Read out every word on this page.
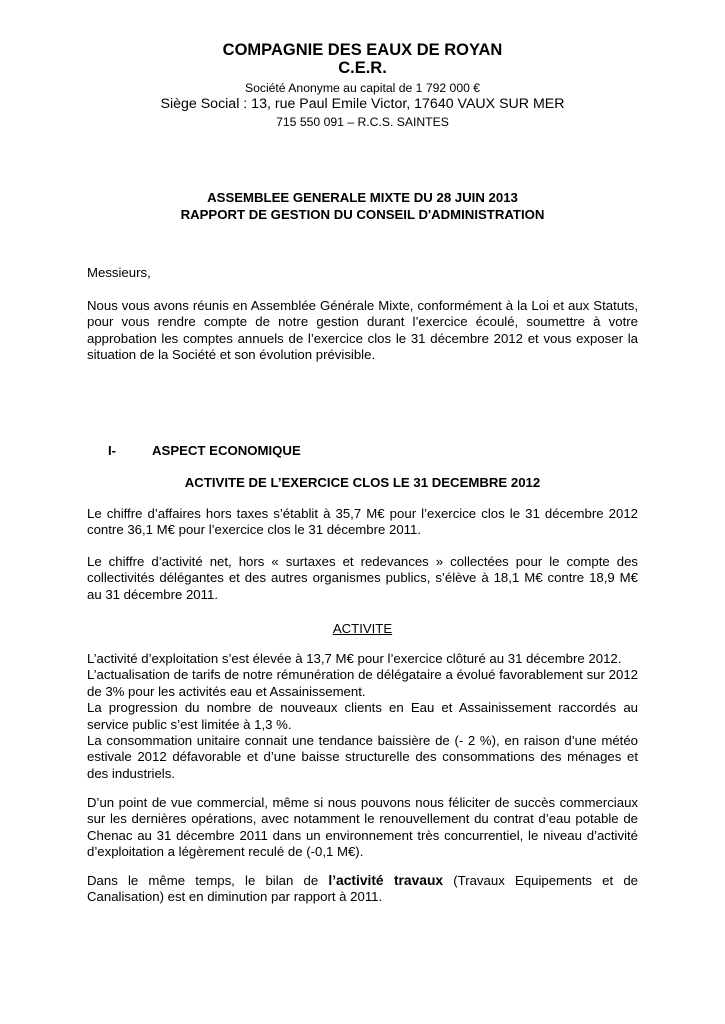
COMPAGNIE DES EAUX DE ROYAN
C.E.R.
Société Anonyme au capital de 1 792 000 €
Siège Social : 13, rue Paul Emile Victor, 17640 VAUX SUR MER
715 550 091 – R.C.S. SAINTES
ASSEMBLEE GENERALE MIXTE DU 28 JUIN 2013
RAPPORT DE GESTION DU CONSEIL D'ADMINISTRATION

Messieurs,

Nous vous avons réunis en Assemblée Générale Mixte, conformément à la Loi et aux Statuts, pour vous rendre compte de notre gestion durant l’exercice écoulé, soumettre à votre approbation les comptes annuels de l’exercice clos le 31 décembre 2012 et vous exposer la situation de la Société et son évolution prévisible.

I-	ASPECT ECONOMIQUE
ACTIVITE DE L’EXERCICE CLOS LE 31 DECEMBRE 2012

Le chiffre d’affaires hors taxes s’établit à 35,7 M€ pour l’exercice clos le 31 décembre 2012 contre 36,1 M€ pour l’exercice clos le 31 décembre 2011.

Le chiffre d’activité net, hors « surtaxes et redevances » collectées pour le compte des collectivités délégantes et des autres organismes publics, s’élève à 18,1 M€ contre 18,9 M€ au 31 décembre 2011.

ACTIVITE

L’activité d’exploitation s’est élevée à 13,7 M€ pour l’exercice clôturé au 31 décembre 2012.
L’actualisation de tarifs de notre rémunération de délégataire a évolué favorablement sur 2012 de 3% pour les activités eau et Assainissement.
La progression du nombre de nouveaux clients en Eau et Assainissement raccordés au service public s’est limitée à 1,3 %.
La consommation unitaire connait une tendance baissière de (- 2 %), en raison d’une météo estivale 2012 défavorable et d’une baisse structurelle des consommations des ménages et des industriels.

D’un point de vue commercial, même si nous pouvons nous féliciter de succès commerciaux sur les dernières opérations, avec notamment le renouvellement du contrat d’eau potable de Chenac au 31 décembre 2011 dans un environnement très concurrentiel, le niveau d’activité d’exploitation a légèrement reculé de (-0,1 M€).

Dans le même temps, le bilan de l’activité travaux (Travaux Equipements et de Canalisation) est en diminution par rapport à 2011.
